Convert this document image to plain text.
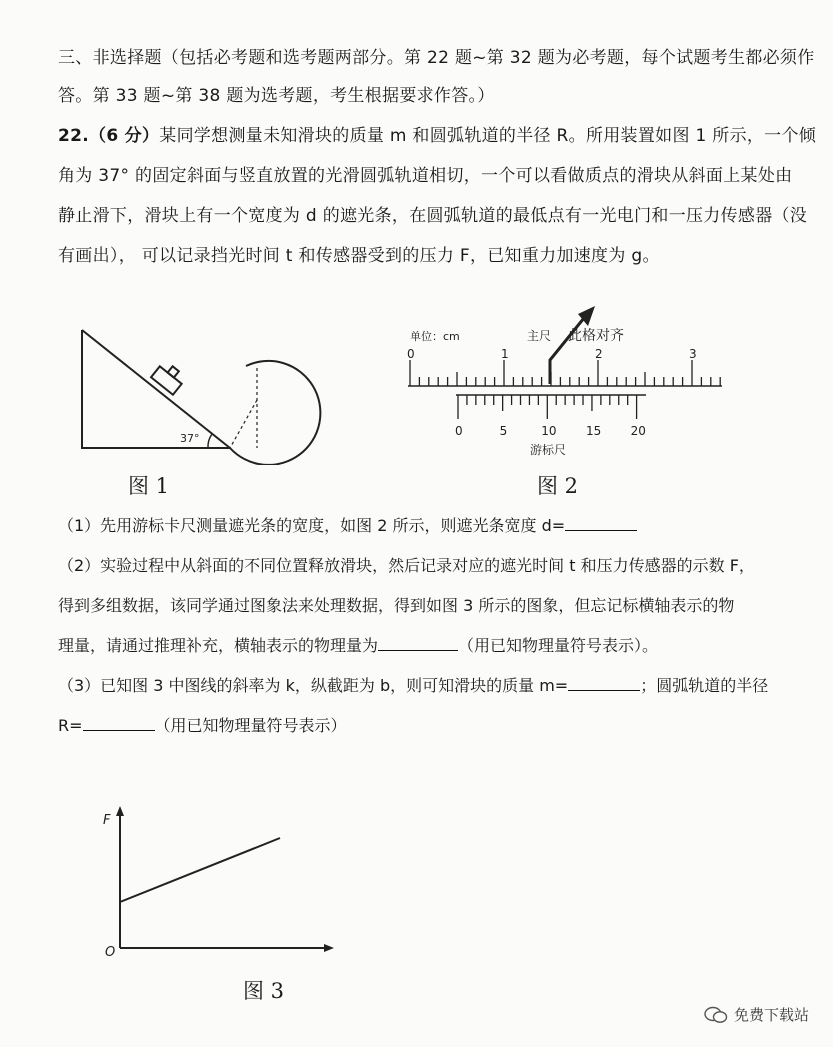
三、非选择题（包括必考题和选考题两部分。第 22 题~第 32 题为必考题，每个试题考生都必须作
答。第 33 题~第 38 题为选考题，考生根据要求作答。）
22.（6 分）某同学想测量未知滑块的质量 m 和圆弧轨道的半径 R。所用装置如图 1 所示，一个倾
角为 37° 的固定斜面与竖直放置的光滑圆弧轨道相切，一个可以看做质点的滑块从斜面上某处由
静止滑下，滑块上有一个宽度为 d 的遮光条，在圆弧轨道的最低点有一光电门和一压力传感器（没
有画出）， 可以记录挡光时间 t 和传感器受到的压力 F，已知重力加速度为 g。
37°
图 1
单位：cm	主尺 此格对齐
0	1	2	3
0	5	10 15 20
游标尺
图 2
（1）先用游标卡尺测量遮光条的宽度，如图 2 所示，则遮光条宽度 d=
（2）实验过程中从斜面的不同位置释放滑块，然后记录对应的遮光时间 t 和压力传感器的示数 F，
得到多组数据，该同学通过图象法来处理数据，得到如图 3 所示的图象，但忘记标横轴表示的物
理量，请通过推理补充，横轴表示的物理量为	（用已知物理量符号表示）。
（3）已知图 3 中图线的斜率为 k，纵截距为 b，则可知滑块的质量 m=	；圆弧轨道的半径
R=	（用已知物理量符号表示）
F
O
图 3
免费下载站
